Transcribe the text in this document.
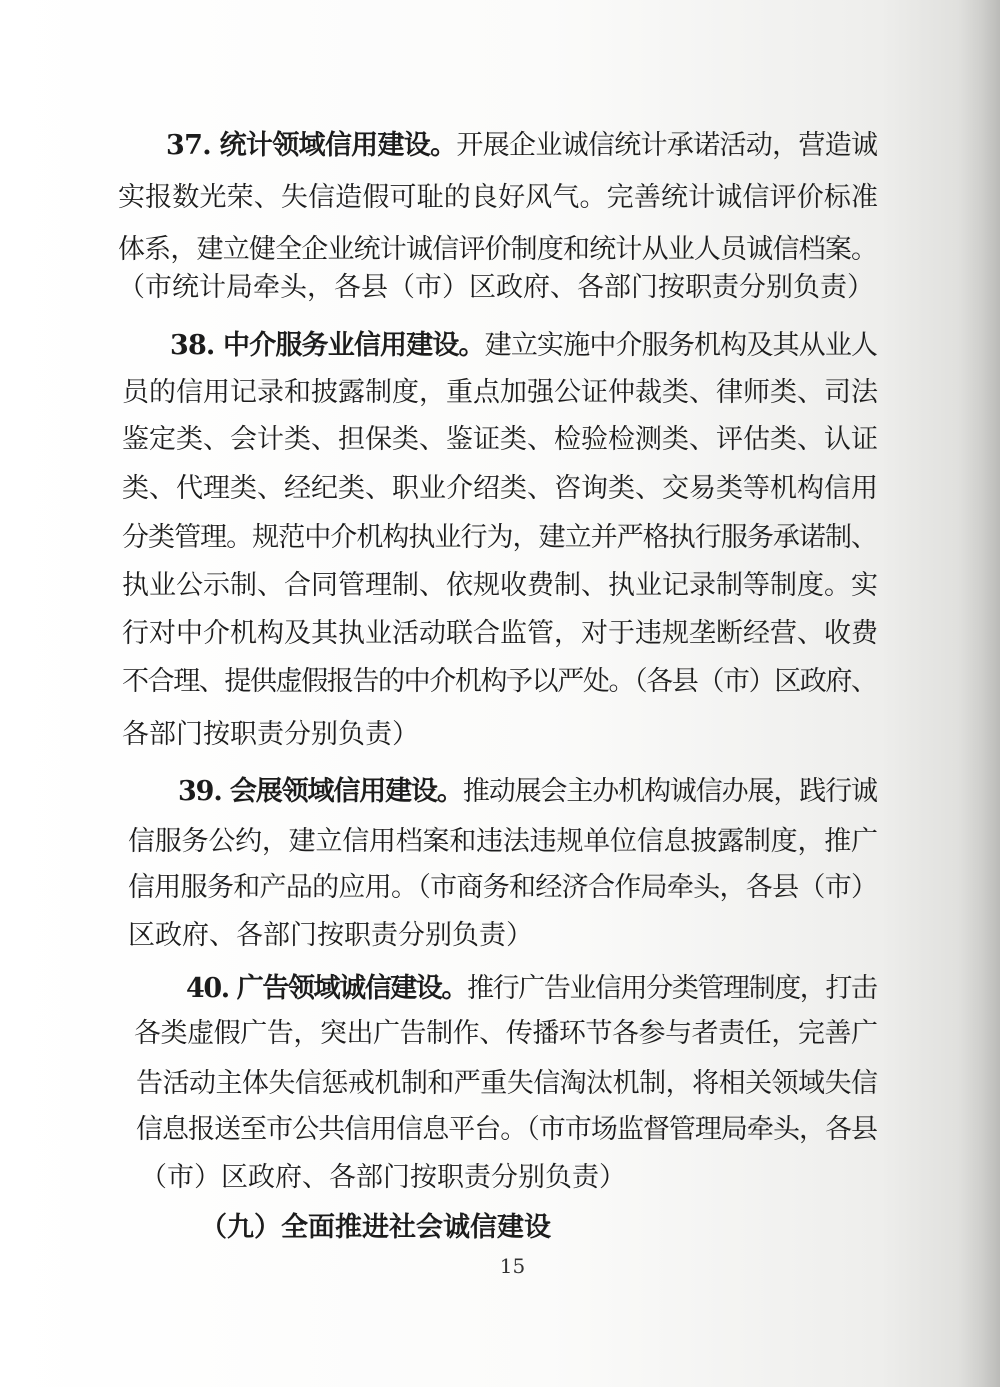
37. 统计领域信用建设。开展企业诚信统计承诺活动，营造诚
实报数光荣、失信造假可耻的良好风气。完善统计诚信评价标准
体系，建立健全企业统计诚信评价制度和统计从业人员诚信档案。
（市统计局牵头，各县（市）区政府、各部门按职责分别负责）
38. 中介服务业信用建设。建立实施中介服务机构及其从业人
员的信用记录和披露制度，重点加强公证仲裁类、律师类、司法
鉴定类、会计类、担保类、鉴证类、检验检测类、评估类、认证
类、代理类、经纪类、职业介绍类、咨询类、交易类等机构信用
分类管理。规范中介机构执业行为，建立并严格执行服务承诺制、
执业公示制、合同管理制、依规收费制、执业记录制等制度。实
行对中介机构及其执业活动联合监管，对于违规垄断经营、收费
不合理、提供虚假报告的中介机构予以严处。（各县（市）区政府、
各部门按职责分别负责）
39. 会展领域信用建设。推动展会主办机构诚信办展，践行诚
信服务公约，建立信用档案和违法违规单位信息披露制度，推广
信用服务和产品的应用。（市商务和经济合作局牵头，各县（市）
区政府、各部门按职责分别负责）
40. 广告领域诚信建设。推行广告业信用分类管理制度，打击
各类虚假广告，突出广告制作、传播环节各参与者责任，完善广
告活动主体失信惩戒机制和严重失信淘汰机制，将相关领域失信
信息报送至市公共信用信息平台。（市市场监督管理局牵头，各县
（市）区政府、各部门按职责分别负责）
（九）全面推进社会诚信建设
15
